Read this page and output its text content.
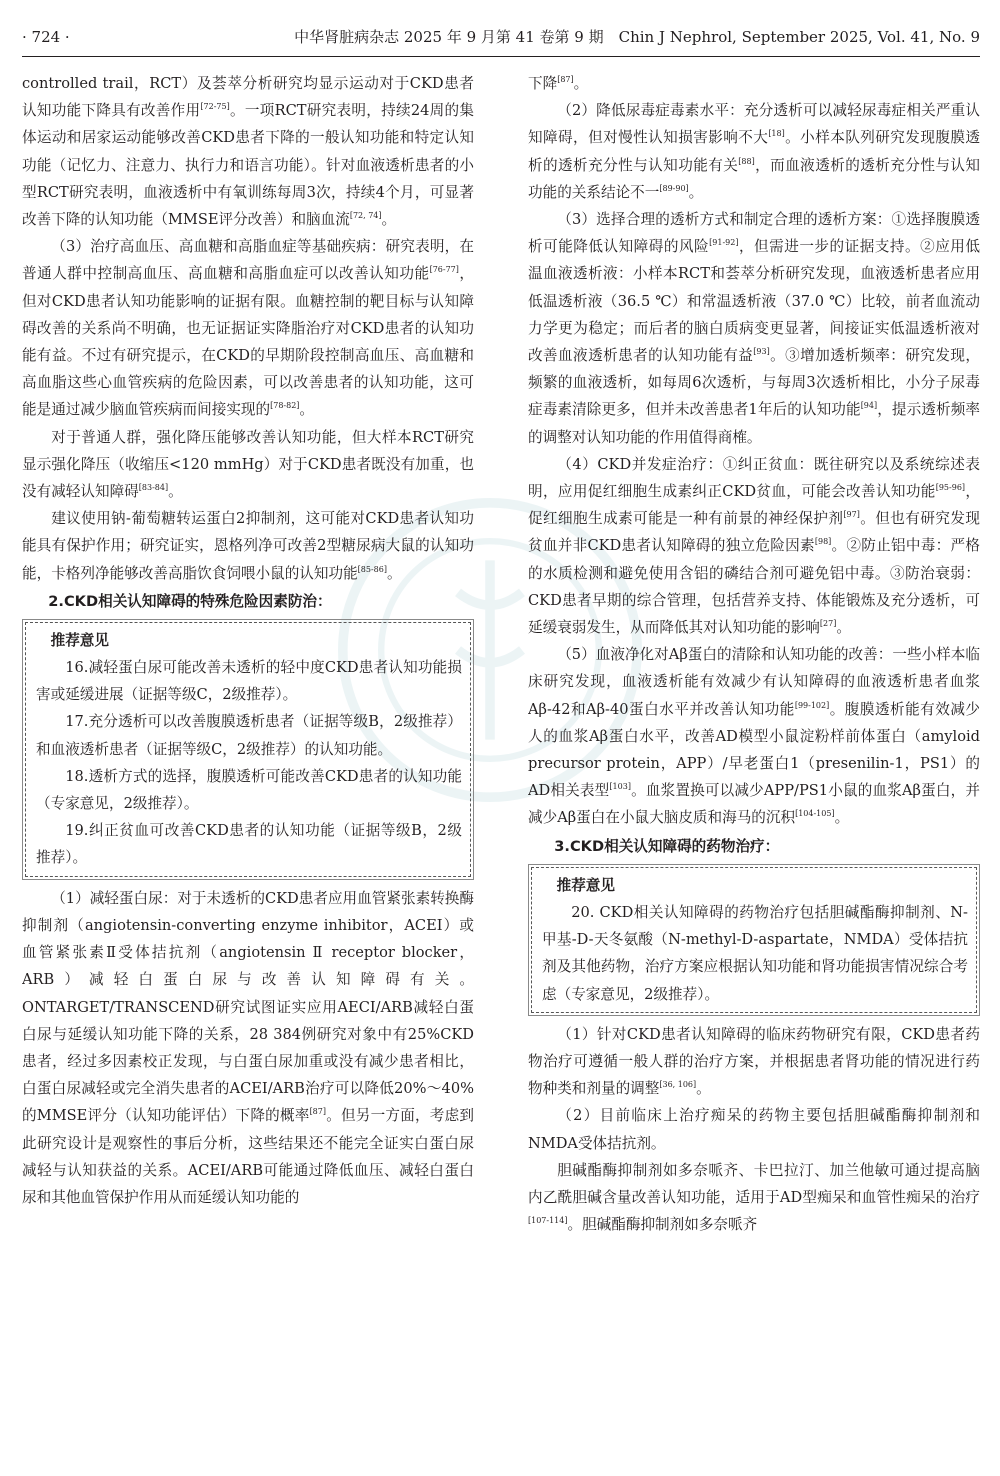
· 724 ·	中华肾脏病杂志 2025 年 9 月第 41 卷第 9 期　Chin J Nephrol, September 2025, Vol. 41, No. 9

controlled trail，RCT）及荟萃分析研究均显示运动对于CKD患者认知功能下降具有改善作用[72-75]。一项RCT研究表明，持续24周的集体运动和居家运动能够改善CKD患者下降的一般认知功能和特定认知功能（记忆力、注意力、执行力和语言功能）。针对血液透析患者的小型RCT研究表明，血液透析中有氧训练每周3次，持续4个月，可显著改善下降的认知功能（MMSE评分改善）和脑血流[72, 74]。

（3）治疗高血压、高血糖和高脂血症等基础疾病：研究表明，在普通人群中控制高血压、高血糖和高脂血症可以改善认知功能[76-77]，但对CKD患者认知功能影响的证据有限。血糖控制的靶目标与认知障碍改善的关系尚不明确，也无证据证实降脂治疗对CKD患者的认知功能有益。不过有研究提示，在CKD的早期阶段控制高血压、高血糖和高血脂这些心血管疾病的危险因素，可以改善患者的认知功能，这可能是通过减少脑血管疾病而间接实现的[78-82]。

对于普通人群，强化降压能够改善认知功能，但大样本RCT研究显示强化降压（收缩压<120 mmHg）对于CKD患者既没有加重，也没有减轻认知障碍[83-84]。

建议使用钠-葡萄糖转运蛋白2抑制剂，这可能对CKD患者认知功能具有保护作用；研究证实，恩格列净可改善2型糖尿病大鼠的认知功能，卡格列净能够改善高脂饮食饲喂小鼠的认知功能[85-86]。

2.CKD相关认知障碍的特殊危险因素防治：

推荐意见

16.减轻蛋白尿可能改善未透析的轻中度CKD患者认知功能损害或延缓进展（证据等级C，2级推荐）。

17.充分透析可以改善腹膜透析患者（证据等级B，2级推荐）和血液透析患者（证据等级C，2级推荐）的认知功能。

18.透析方式的选择，腹膜透析可能改善CKD患者的认知功能（专家意见，2级推荐）。

19.纠正贫血可改善CKD患者的认知功能（证据等级B，2级推荐）。

（1）减轻蛋白尿：对于未透析的CKD患者应用血管紧张素转换酶抑制剂（angiotensin-converting enzyme inhibitor，ACEI）或血管紧张素Ⅱ受体拮抗剂（angiotensin Ⅱ receptor blocker，ARB）减轻白蛋白尿与改善认知障碍有关。ONTARGET/TRANSCEND研究试图证实应用AECI/ARB减轻白蛋白尿与延缓认知功能下降的关系，28 384例研究对象中有25%CKD患者，经过多因素校正发现，与白蛋白尿加重或没有减少患者相比，白蛋白尿减轻或完全消失患者的ACEI/ARB治疗可以降低20%～40%的MMSE评分（认知功能评估）下降的概率[87]。但另一方面，考虑到此研究设计是观察性的事后分析，这些结果还不能完全证实白蛋白尿减轻与认知获益的关系。ACEI/ARB可能通过降低血压、减轻白蛋白尿和其他血管保护作用从而延缓认知功能的

下降[87]。

（2）降低尿毒症毒素水平：充分透析可以减轻尿毒症相关严重认知障碍，但对慢性认知损害影响不大[18]。小样本队列研究发现腹膜透析的透析充分性与认知功能有关[88]，而血液透析的透析充分性与认知功能的关系结论不一[89-90]。

（3）选择合理的透析方式和制定合理的透析方案：①选择腹膜透析可能降低认知障碍的风险[91-92]，但需进一步的证据支持。②应用低温血液透析液：小样本RCT和荟萃分析研究发现，血液透析患者应用低温透析液（36.5 ℃）和常温透析液（37.0 ℃）比较，前者血流动力学更为稳定；而后者的脑白质病变更显著，间接证实低温透析液对改善血液透析患者的认知功能有益[93]。③增加透析频率：研究发现，频繁的血液透析，如每周6次透析，与每周3次透析相比，小分子尿毒症毒素清除更多，但并未改善患者1年后的认知功能[94]，提示透析频率的调整对认知功能的作用值得商榷。

（4）CKD并发症治疗：①纠正贫血：既往研究以及系统综述表明，应用促红细胞生成素纠正CKD贫血，可能会改善认知功能[95-96]，促红细胞生成素可能是一种有前景的神经保护剂[97]。但也有研究发现贫血并非CKD患者认知障碍的独立危险因素[98]。②防止铝中毒：严格的水质检测和避免使用含铝的磷结合剂可避免铝中毒。③防治衰弱：CKD患者早期的综合管理，包括营养支持、体能锻炼及充分透析，可延缓衰弱发生，从而降低其对认知功能的影响[27]。

（5）血液净化对Aβ蛋白的清除和认知功能的改善：一些小样本临床研究发现，血液透析能有效减少有认知障碍的血液透析患者血浆Aβ-42和Aβ-40蛋白水平并改善认知功能[99-102]。腹膜透析能有效减少人的血浆Aβ蛋白水平，改善AD模型小鼠淀粉样前体蛋白（amyloid precursor protein，APP）/早老蛋白1（presenilin-1，PS1）的AD相关表型[103]。血浆置换可以减少APP/PS1小鼠的血浆Aβ蛋白，并减少Aβ蛋白在小鼠大脑皮质和海马的沉积[104-105]。

3.CKD相关认知障碍的药物治疗：

推荐意见

20. CKD相关认知障碍的药物治疗包括胆碱酯酶抑制剂、N-甲基-D-天冬氨酸（N-methyl-D-aspartate，NMDA）受体拮抗剂及其他药物，治疗方案应根据认知功能和肾功能损害情况综合考虑（专家意见，2级推荐）。

（1）针对CKD患者认知障碍的临床药物研究有限，CKD患者药物治疗可遵循一般人群的治疗方案，并根据患者肾功能的情况进行药物种类和剂量的调整[36, 106]。

（2）目前临床上治疗痴呆的药物主要包括胆碱酯酶抑制剂和NMDA受体拮抗剂。

胆碱酯酶抑制剂如多奈哌齐、卡巴拉汀、加兰他敏可通过提高脑内乙酰胆碱含量改善认知功能，适用于AD型痴呆和血管性痴呆的治疗[107-114]。胆碱酯酶抑制剂如多奈哌齐
